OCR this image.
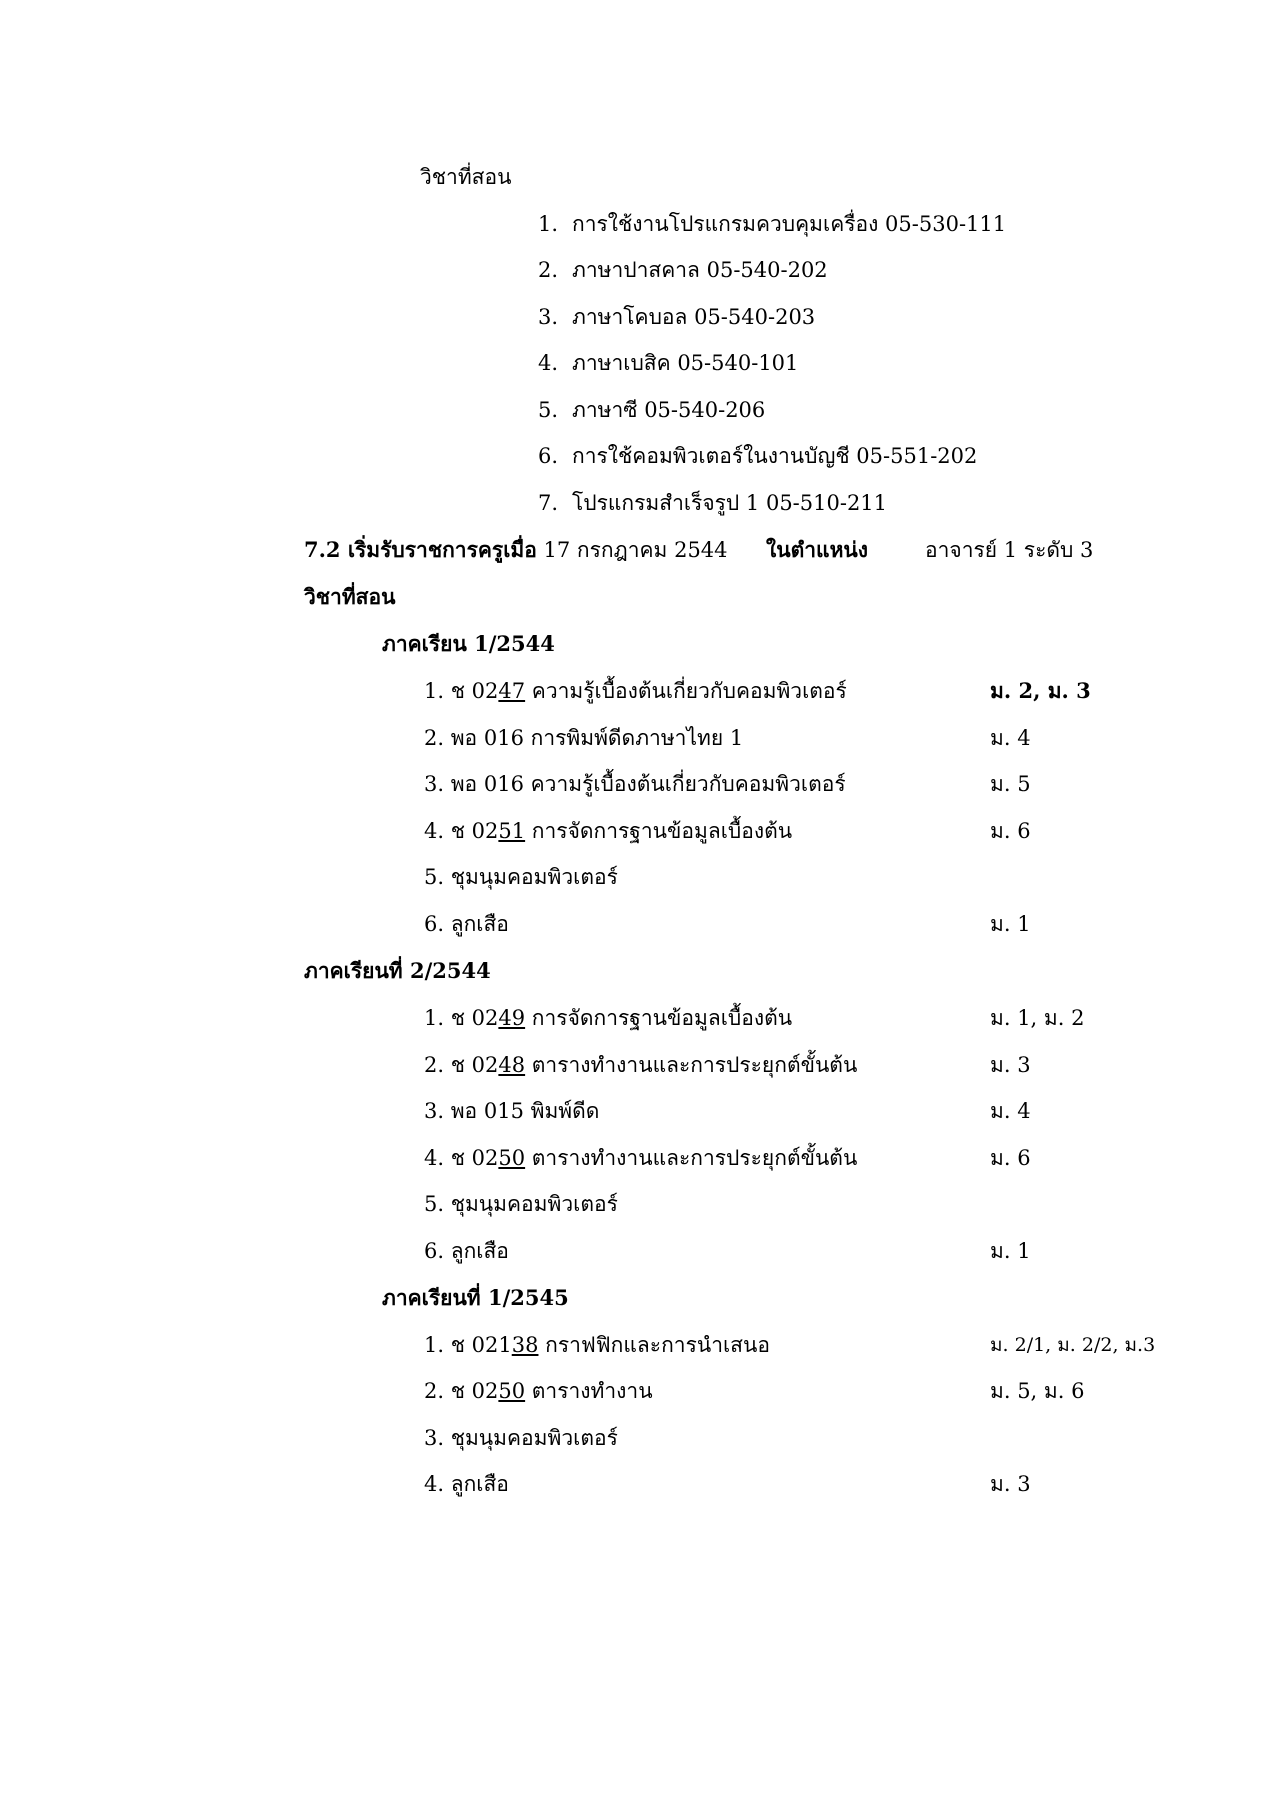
วิชาที่สอน
1. การใช้งานโปรแกรมควบคุมเครื่อง 05-530-111
2. ภาษาปาสคาล 05-540-202
3. ภาษาโคบอล 05-540-203
4. ภาษาเบสิค 05-540-101
5. ภาษาซี 05-540-206
6. การใช้คอมพิวเตอร์ในงานบัญชี 05-551-202
7. โปรแกรมสำเร็จรูป 1 05-510-211
7.2 เริ่มรับราชการครูเมื่อ 17 กรกฎาคม 2544 ในตำแหน่ง	อาจารย์ 1 ระดับ 3
วิชาที่สอน
ภาคเรียน 1/2544
1. ช 0247 ความรู้เบื้องต้นเกี่ยวกับคอมพิวเตอร์	ม. 2, ม. 3
2. พอ 016 การพิมพ์ดีดภาษาไทย 1	ม. 4
3. พอ 016 ความรู้เบื้องต้นเกี่ยวกับคอมพิวเตอร์	ม. 5
4. ช 0251 การจัดการฐานข้อมูลเบื้องต้น	ม. 6
5. ชุมนุมคอมพิวเตอร์
6. ลูกเสือ	ม. 1
ภาคเรียนที่ 2/2544
1. ช 0249 การจัดการฐานข้อมูลเบื้องต้น	ม. 1, ม. 2
2. ช 0248 ตารางทำงานและการประยุกต์ขั้นต้น	ม. 3
3. พอ 015 พิมพ์ดีด	ม. 4
4. ช 0250 ตารางทำงานและการประยุกต์ขั้นต้น	ม. 6
5. ชุมนุมคอมพิวเตอร์
6. ลูกเสือ	ม. 1
ภาคเรียนที่ 1/2545
1. ช 02138 กราฟฟิกและการนำเสนอ	ม. 2/1, ม. 2/2, ม.3
2. ช 0250 ตารางทำงาน	ม. 5, ม. 6
3. ชุมนุมคอมพิวเตอร์
4. ลูกเสือ	ม. 3
